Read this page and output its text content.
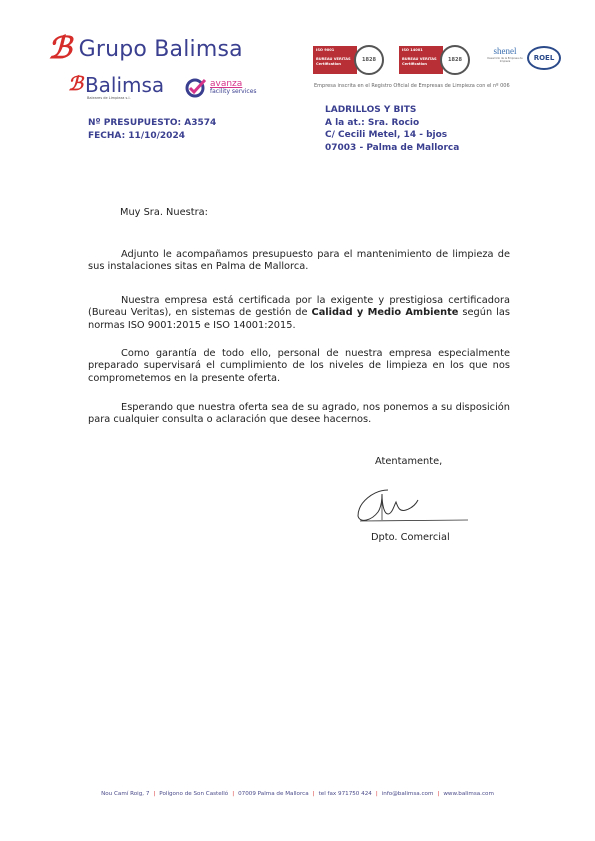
ℬ Grupo Balimsa
ℬ Balimsa
Baleares de Limpieza s.l.
avanza
facility services
ISO 9001
BUREAU VERITAS
Certification
1828
ISO 14001
BUREAU VERITAS
Certification
1828
shenel
Desarrollo de la Empresa de limpieza	ROEL
Empresa inscrita en el Registro Oficial de Empresas de Limpieza con el nº 006
LADRILLOS Y BITS
A la at.: Sra. Rocio
C/ Cecili Metel, 14 - bjos
07003 - Palma de Mallorca
Nº PRESUPUESTO: A3574
FECHA: 11/10/2024
Muy Sra. Nuestra:
Adjunto le acompañamos presupuesto para el mantenimiento de limpieza de sus instalaciones sitas en Palma de Mallorca.
Nuestra empresa está certificada por la exigente y prestigiosa certificadora (Bureau Veritas), en sistemas de gestión de Calidad y Medio Ambiente según las normas ISO 9001:2015 e ISO 14001:2015.
Como garantía de todo ello, personal de nuestra empresa especialmente preparado supervisará el cumplimiento de los niveles de limpieza en los que nos comprometemos en la presente oferta.
Esperando que nuestra oferta sea de su agrado, nos ponemos a su disposición para cualquier consulta o aclaración que desee hacernos.
Atentamente,
Dpto. Comercial
Nou Camí Roig, 7 | Polígono de Son Castelló | 07009 Palma de Mallorca | tel fax 971750 424 | info@balimsa.com | www.balimsa.com
